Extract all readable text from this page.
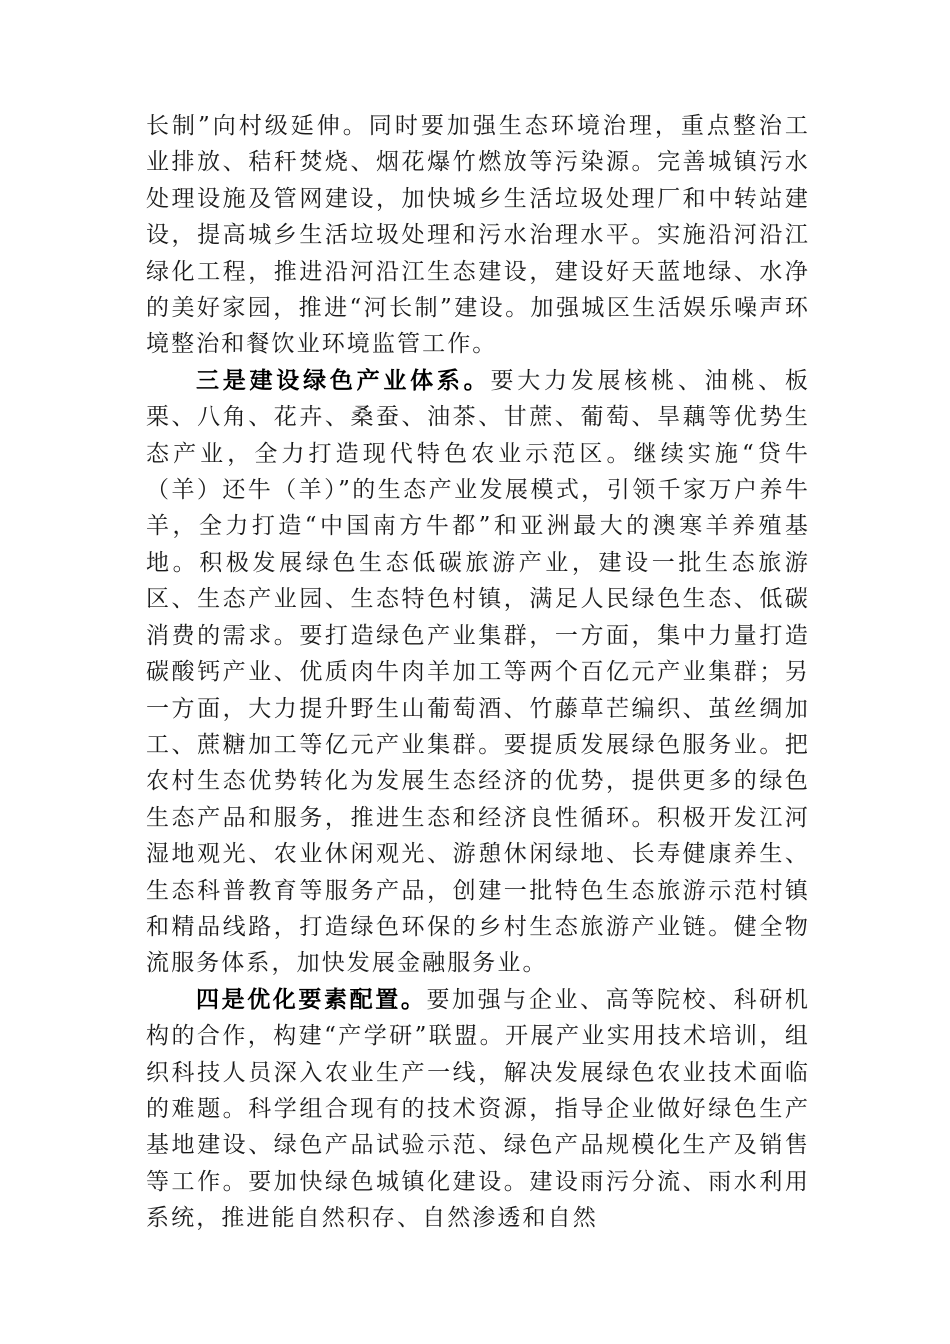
长制”向村级延伸。同时要加强生态环境治理，重点整治工业排放、秸秆焚烧、烟花爆竹燃放等污染源。完善城镇污水处理设施及管网建设，加快城乡生活垃圾处理厂和中转站建设，提高城乡生活垃圾处理和污水治理水平。实施沿河沿江绿化工程，推进沿河沿江生态建设，建设好天蓝地绿、水净的美好家园，推进“河长制”建设。加强城区生活娱乐噪声环境整治和餐饮业环境监管工作。

三是建设绿色产业体系。要大力发展核桃、油桃、板栗、八角、花卉、桑蚕、油茶、甘蔗、葡萄、旱藕等优势生态产业，全力打造现代特色农业示范区。继续实施“贷牛（羊）还牛（羊）”的生态产业发展模式，引领千家万户养牛羊，全力打造“中国南方牛都”和亚洲最大的澳寒羊养殖基地。积极发展绿色生态低碳旅游产业，建设一批生态旅游区、生态产业园、生态特色村镇，满足人民绿色生态、低碳消费的需求。要打造绿色产业集群，一方面，集中力量打造碳酸钙产业、优质肉牛肉羊加工等两个百亿元产业集群；另一方面，大力提升野生山葡萄酒、竹藤草芒编织、茧丝绸加工、蔗糖加工等亿元产业集群。要提质发展绿色服务业。把农村生态优势转化为发展生态经济的优势，提供更多的绿色生态产品和服务，推进生态和经济良性循环。积极开发江河湿地观光、农业休闲观光、游憩休闲绿地、长寿健康养生、生态科普教育等服务产品，创建一批特色生态旅游示范村镇和精品线路，打造绿色环保的乡村生态旅游产业链。健全物流服务体系，加快发展金融服务业。

四是优化要素配置。要加强与企业、高等院校、科研机构的合作，构建“产学研”联盟。开展产业实用技术培训，组织科技人员深入农业生产一线，解决发展绿色农业技术面临的难题。科学组合现有的技术资源，指导企业做好绿色生产基地建设、绿色产品试验示范、绿色产品规模化生产及销售等工作。要加快绿色城镇化建设。建设雨污分流、雨水利用系统，推进能自然积存、自然渗透和自然
